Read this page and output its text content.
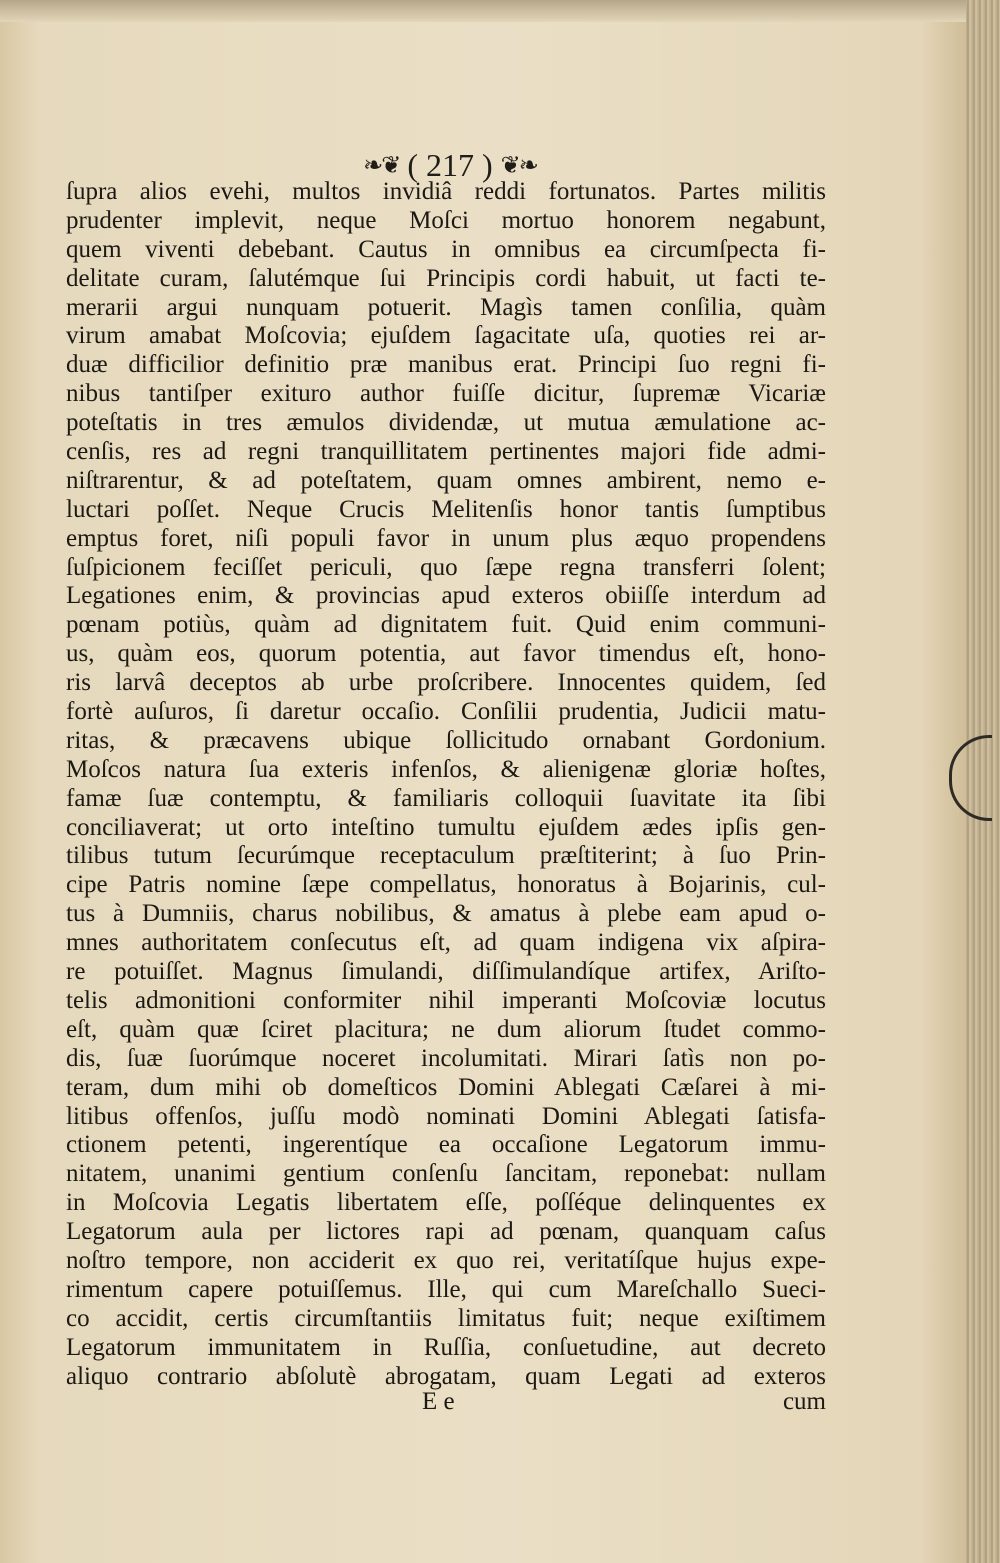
❧❦ ( 217 ) ❦❧
ſupra alios evehi, multos invidiâ reddi fortunatos. Partes militis
prudenter implevit, neque Moſci mortuo honorem negabunt,
quem viventi debebant. Cautus in omnibus ea circumſpecta fi-
delitate curam, ſalutémque ſui Principis cordi habuit, ut facti te-
merarii argui nunquam potuerit. Magìs tamen conſilia, quàm
virum amabat Moſcovia; ejuſdem ſagacitate uſa, quoties rei ar-
duæ difficilior definitio præ manibus erat. Principi ſuo regni fi-
nibus tantiſper exituro author fuiſſe dicitur, ſupremæ Vicariæ
poteſtatis in tres æmulos dividendæ, ut mutua æmulatione ac-
cenſis, res ad regni tranquillitatem pertinentes majori fide admi-
niſtrarentur, & ad poteſtatem, quam omnes ambirent, nemo e-
luctari poſſet. Neque Crucis Melitenſis honor tantis ſumptibus
emptus foret, niſi populi favor in unum plus æquo propendens
ſuſpicionem feciſſet periculi, quo ſæpe regna transferri ſolent;
Legationes enim, & provincias apud exteros obiiſſe interdum ad
pœnam potiùs, quàm ad dignitatem fuit. Quid enim communi-
us, quàm eos, quorum potentia, aut favor timendus eſt, hono-
ris larvâ deceptos ab urbe proſcribere. Innocentes quidem, ſed
fortè auſuros, ſi daretur occaſio. Conſilii prudentia, Judicii matu-
ritas, & præcavens ubique ſollicitudo ornabant Gordonium.
Moſcos natura ſua exteris infenſos, & alienigenæ gloriæ hoſtes,
famæ ſuæ contemptu, & familiaris colloquii ſuavitate ita ſibi
conciliaverat; ut orto inteſtino tumultu ejuſdem ædes ipſis gen-
tilibus tutum ſecurúmque receptaculum præſtiterint; à ſuo Prin-
cipe Patris nomine ſæpe compellatus, honoratus à Bojarinis, cul-
tus à Dumniis, charus nobilibus, & amatus à plebe eam apud o-
mnes authoritatem conſecutus eſt, ad quam indigena vix aſpira-
re potuiſſet. Magnus ſimulandi, diſſimulandíque artifex, Ariſto-
telis admonitioni conformiter nihil imperanti Moſcoviæ locutus
eſt, quàm quæ ſciret placitura; ne dum aliorum ſtudet commo-
dis, ſuæ ſuorúmque noceret incolumitati. Mirari ſatìs non po-
teram, dum mihi ob domeſticos Domini Ablegati Cæſarei à mi-
litibus offenſos, juſſu modò nominati Domini Ablegati ſatisfa-
ctionem petenti, ingerentíque ea occaſione Legatorum immu-
nitatem, unanimi gentium conſenſu ſancitam, reponebat: nullam
in Moſcovia Legatis libertatem eſſe, poſſéque delinquentes ex
Legatorum aula per lictores rapi ad pœnam, quanquam caſus
noſtro tempore, non acciderit ex quo rei, veritatíſque hujus expe-
rimentum capere potuiſſemus. Ille, qui cum Mareſchallo Sueci-
co accidit, certis circumſtantiis limitatus fuit; neque exiſtimem
Legatorum immunitatem in Ruſſia, conſuetudine, aut decreto
aliquo contrario abſolutè abrogatam, quam Legati ad exteros
E e	cum
